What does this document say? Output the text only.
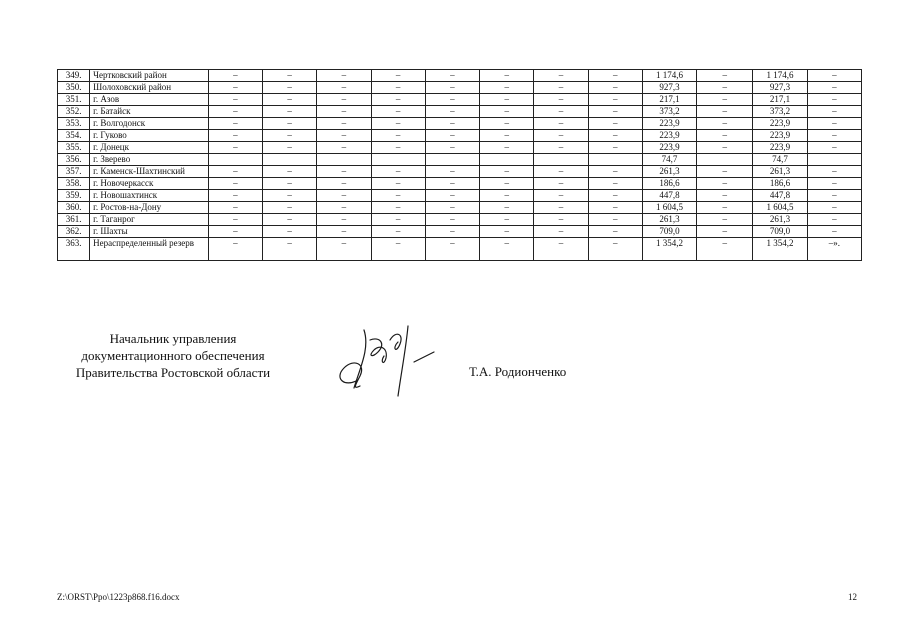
349.	Чертковский район	–	–	–	–	–	–	–	–	1 174,6	–	1 174,6	–
350.	Шолоховский район	–	–	–	–	–	–	–	–	927,3	–	927,3	–
351.	г. Азов	–	–	–	–	–	–	–	–	217,1	–	217,1	–
352.	г. Батайск	–	–	–	–	–	–	–	–	373,2	–	373,2	–
353.	г. Волгодонск	–	–	–	–	–	–	–	–	223,9	–	223,9	–
354.	г. Гуково	–	–	–	–	–	–	–	–	223,9	–	223,9	–
355.	г. Донецк	–	–	–	–	–	–	–	–	223,9	–	223,9	–
356.	г. Зверево									74,7		74,7	
357.	г. Каменск-Шахтинский	–	–	–	–	–	–	–	–	261,3	–	261,3	–
358.	г. Новочеркасск	–	–	–	–	–	–	–	–	186,6	–	186,6	–
359.	г. Новошахтинск	–	–	–	–	–	–	–	–	447,8	–	447,8	–
360.	г. Ростов-на-Дону	–	–	–	–	–	–	–	–	1 604,5	–	1 604,5	–
361.	г. Таганрог	–	–	–	–	–	–	–	–	261,3	–	261,3	–
362.	г. Шахты	–	–	–	–	–	–	–	–	709,0	–	709,0	–
363.	Нераспределенный резерв	–	–	–	–	–	–	–	–	1 354,2	–	1 354,2	–».
Начальник управления
документационного обеспечения
Правительства Ростовской области	Т.А. Родионченко
Z:\ORST\Ppo\1223p868.f16.docx	12
